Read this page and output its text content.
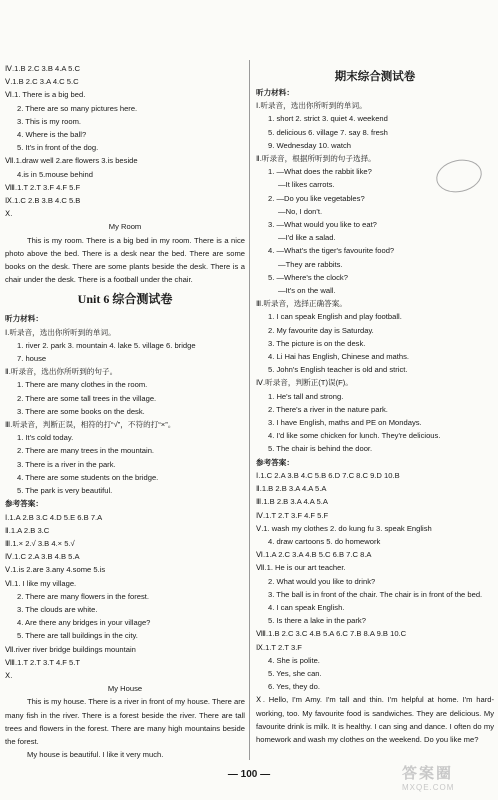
Ⅳ.1.B 2.C 3.B 4.A 5.C
Ⅴ.1.B 2.C 3.A 4.C 5.C
Ⅵ.1. There is a big bed.
2. There are so many pictures here.
3. This is my room.
4. Where is the ball?
5. It's in front of the dog.
Ⅶ.1.draw well 2.are flowers 3.is beside
4.is in 5.mouse behind
Ⅷ.1.T 2.T 3.F 4.F 5.F
Ⅸ.1.C 2.B 3.B 4.C 5.B
Ⅹ.
My Room
This is my room. There is a big bed in my room. There is a nice photo above the bed. There is a desk near the bed. There are some books on the desk. There are some plants beside the desk. There is a chair under the desk. There is a football under the chair.
Unit 6 综合测试卷
听力材料：
Ⅰ.听录音，选出你所听到的单词。
1. river 2. park 3. mountain 4. lake 5. village 6. bridge
7. house
Ⅱ.听录音，选出你所听到的句子。
1. There are many clothes in the room.
2. There are some tall trees in the village.
3. There are some books on the desk.
Ⅲ.听录音，判断正误，相符的打“√”，不符的打“×”。
1. It's cold today.
2. There are many trees in the mountain.
3. There is a river in the park.
4. There are some students on the bridge.
5. The park is very beautiful.
参考答案：
Ⅰ.1.A 2.B 3.C 4.D 5.E 6.B 7.A
Ⅱ.1.A 2.B 3.C
Ⅲ.1.× 2.√ 3.B 4.× 5.√
Ⅳ.1.C 2.A 3.B 4.B 5.A
Ⅴ.1.is 2.are 3.any 4.some 5.is
Ⅵ.1. I like my village.
2. There are many flowers in the forest.
3. The clouds are white.
4. Are there any bridges in your village?
5. There are tall buildings in the city.
Ⅶ.river river bridge buildings mountain
Ⅷ.1.T 2.T 3.T 4.F 5.T
Ⅹ.
My House
This is my house. There is a river in front of my house. There are many fish in the river. There is a forest beside the river. There are tall trees and flowers in the forest. There are many high mountains beside the forest.
My house is beautiful. I like it very much.
期末综合测试卷
听力材料：
Ⅰ.听录音，选出你所听到的单词。
1. short 2. strict 3. quiet 4. weekend
5. delicious 6. village 7. say 8. fresh
9. Wednesday 10. watch
Ⅱ.听录音，根据所听到的句子选择。
1. —What does the rabbit like?
—It likes carrots.
2. —Do you like vegetables?
—No, I don't.
3. —What would you like to eat?
—I'd like a salad.
4. —What's the tiger's favourite food?
—They are rabbits.
5. —Where's the clock?
—It's on the wall.
Ⅲ.听录音，选择正确答案。
1. I can speak English and play football.
2. My favourite day is Saturday.
3. The picture is on the desk.
4. Li Hai has English, Chinese and maths.
5. John's English teacher is old and strict.
Ⅳ.听录音，判断正(T)误(F)。
1. He's tall and strong.
2. There's a river in the nature park.
3. I have English, maths and PE on Mondays.
4. I'd like some chicken for lunch. They're delicious.
5. The chair is behind the door.
参考答案：
Ⅰ.1.C 2.A 3.B 4.C 5.B 6.D 7.C 8.C 9.D 10.B
Ⅱ.1.B 2.B 3.A 4.A 5.A
Ⅲ.1.B 2.B 3.A 4.A 5.A
Ⅳ.1.T 2.T 3.F 4.F 5.F
Ⅴ.1. wash my clothes 2. do kung fu 3. speak English
4. draw cartoons 5. do homework
Ⅵ.1.A 2.C 3.A 4.B 5.C 6.B 7.C 8.A
Ⅶ.1. He is our art teacher.
2. What would you like to drink?
3. The ball is in front of the chair. The chair is in front of the bed.
4. I can speak English.
5. Is there a lake in the park?
Ⅷ.1.B 2.C 3.C 4.B 5.A 6.C 7.B 8.A 9.B 10.C
Ⅸ.1.T 2.T 3.F
4. She is polite.
5. Yes, she can.
6. Yes, they do.
Ⅹ. Hello, I'm Amy. I'm tall and thin. I'm helpful at home. I'm hard-working, too. My favourite food is sandwiches. They are delicious. My favourite drink is milk. It is healthy. I can sing and dance. I often do my homework and wash my clothes on the weekend. Do you like me?
— 100 —	答案圈
MXQE.COM
